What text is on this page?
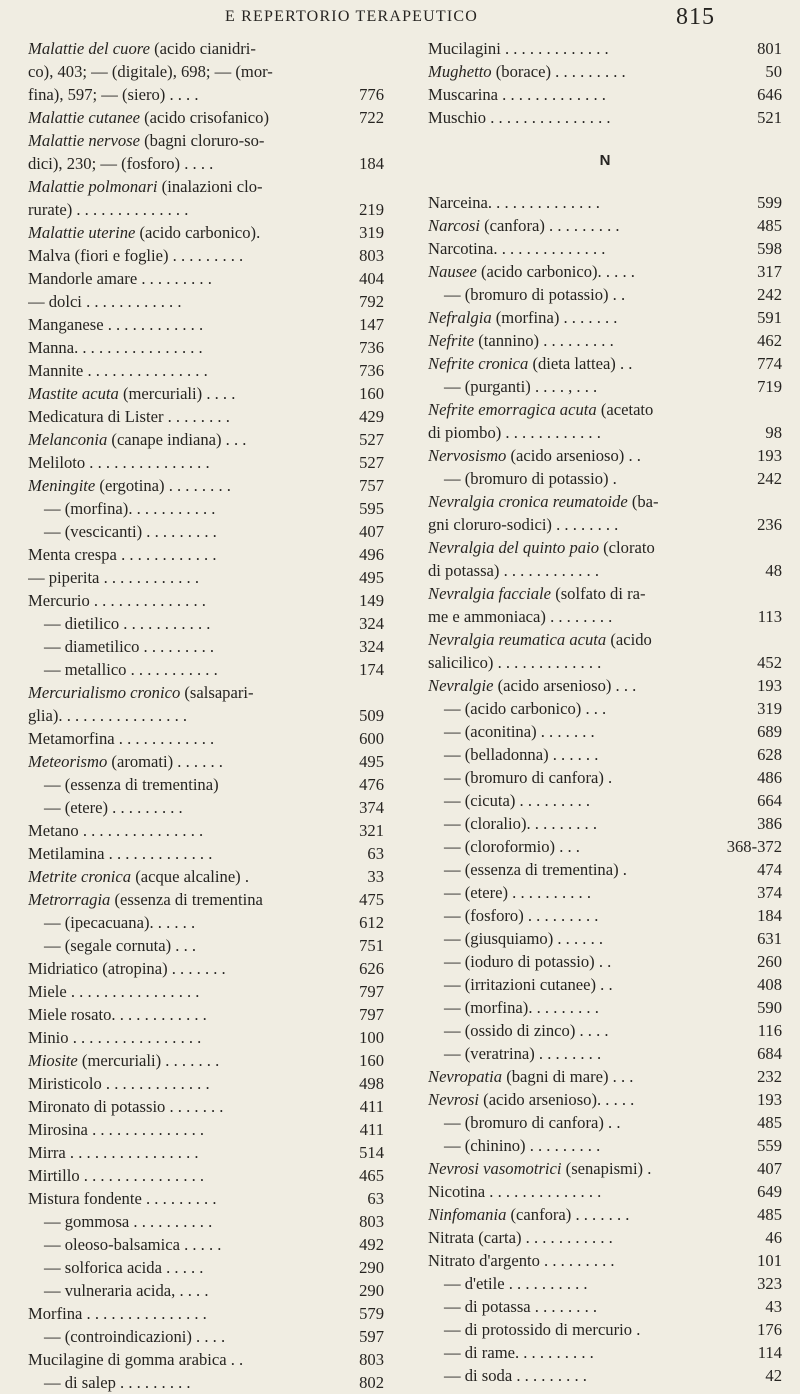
E REPERTORIO TERAPEUTICO	815
Malattie del cuore (acido cianidri-
co), 403; — (digitale), 698; — (mor-
fina), 597; — (siero) . . . .	776
Malattie cutanee (acido crisofanico)	722
Malattie nervose (bagni cloruro-so-
dici), 230; — (fosforo) . . . .	184
Malattie polmonari (inalazioni clo-
rurate) . . . . . . . . . . . . . .	219
Malattie uterine (acido carbonico).	319
Malva (fiori e foglie) . . . . . . . . .	803
Mandorle amare . . . . . . . . .	404
— dolci . . . . . . . . . . . .	792
Manganese . . . . . . . . . . . .	147
Manna. . . . . . . . . . . . . . . .	736
Mannite . . . . . . . . . . . . . . .	736
Mastite acuta (mercuriali) . . . .	160
Medicatura di Lister . . . . . . . .	429
Melanconia (canape indiana) . . .	527
Meliloto . . . . . . . . . . . . . . .	527
Meningite (ergotina) . . . . . . . .	757
— (morfina). . . . . . . . . . .	595
— (vescicanti) . . . . . . . . .	407
Menta crespa . . . . . . . . . . . .	496
— piperita . . . . . . . . . . . .	495
Mercurio . . . . . . . . . . . . . .	149
— dietilico . . . . . . . . . . .	324
— diametilico . . . . . . . . .	324
— metallico . . . . . . . . . . .	174
Mercurialismo cronico (salsapari-
glia). . . . . . . . . . . . . . . .	509
Metamorfina . . . . . . . . . . . .	600
Meteorismo (aromati) . . . . . .	495
— (essenza di trementina)	476
— (etere) . . . . . . . . .	374
Metano . . . . . . . . . . . . . . .	321
Metilamina . . . . . . . . . . . . .	63
Metrite cronica (acque alcaline) .	33
Metrorragia (essenza di trementina	475
— (ipecacuana). . . . . .	612
— (segale cornuta) . . .	751
Midriatico (atropina) . . . . . . .	626
Miele . . . . . . . . . . . . . . . .	797
Miele rosato. . . . . . . . . . . .	797
Minio . . . . . . . . . . . . . . . .	100
Miosite (mercuriali) . . . . . . .	160
Miristicolo . . . . . . . . . . . . .	498
Mironato di potassio . . . . . . .	411
Mirosina . . . . . . . . . . . . . .	411
Mirra . . . . . . . . . . . . . . . .	514
Mirtillo . . . . . . . . . . . . . . .	465
Mistura fondente . . . . . . . . .	63
— gommosa . . . . . . . . . .	803
— oleoso-balsamica . . . . .	492
— solforica acida . . . . .	290
— vulneraria acida, . . . .	290
Morfina . . . . . . . . . . . . . . .	579
— (controindicazioni) . . . .	597
Mucilagine di gomma arabica . .	803
— di salep . . . . . . . . .	802
Mucilagini . . . . . . . . . . . . .	801
Mughetto (borace) . . . . . . . . .	50
Muscarina . . . . . . . . . . . . .	646
Muschio . . . . . . . . . . . . . . .	521
N
Narceina. . . . . . . . . . . . . .	599
Narcosi (canfora) . . . . . . . . .	485
Narcotina. . . . . . . . . . . . . .	598
Nausee (acido carbonico). . . . .	317
— (bromuro di potassio) . .	242
Nefralgia (morfina) . . . . . . .	591
Nefrite (tannino) . . . . . . . . .	462
Nefrite cronica (dieta lattea) . .	774
— (purganti) . . . . , . . .	719
Nefrite emorragica acuta (acetato
di piombo) . . . . . . . . . . . .	98
Nervosismo (acido arsenioso) . .	193
— (bromuro di potassio) .	242
Nevralgia cronica reumatoide (ba-
gni cloruro-sodici) . . . . . . . .	236
Nevralgia del quinto paio (clorato
di potassa) . . . . . . . . . . . .	48
Nevralgia facciale (solfato di ra-
me e ammoniaca) . . . . . . . .	113
Nevralgia reumatica acuta (acido
salicilico) . . . . . . . . . . . . .	452
Nevralgie (acido arsenioso) . . .	193
— (acido carbonico) . . .	319
— (aconitina) . . . . . . .	689
— (belladonna) . . . . . .	628
— (bromuro di canfora) .	486
— (cicuta) . . . . . . . . .	664
— (cloralio). . . . . . . . .	386
— (cloroformio) . . .	368-372
— (essenza di trementina) .	474
— (etere) . . . . . . . . . .	374
— (fosforo) . . . . . . . . .	184
— (giusquiamo) . . . . . .	631
— (ioduro di potassio) . .	260
— (irritazioni cutanee) . .	408
— (morfina). . . . . . . . .	590
— (ossido di zinco) . . . .	116
— (veratrina) . . . . . . . .	684
Nevropatia (bagni di mare) . . .	232
Nevrosi (acido arsenioso). . . . .	193
— (bromuro di canfora) . .	485
— (chinino) . . . . . . . . .	559
Nevrosi vasomotrici (senapismi) .	407
Nicotina . . . . . . . . . . . . . .	649
Ninfomania (canfora) . . . . . . .	485
Nitrata (carta) . . . . . . . . . . .	46
Nitrato d'argento . . . . . . . . .	101
— d'etile . . . . . . . . . .	323
— di potassa . . . . . . . .	43
— di protossido di mercurio .	176
— di rame. . . . . . . . . .	114
— di soda . . . . . . . . .	42
